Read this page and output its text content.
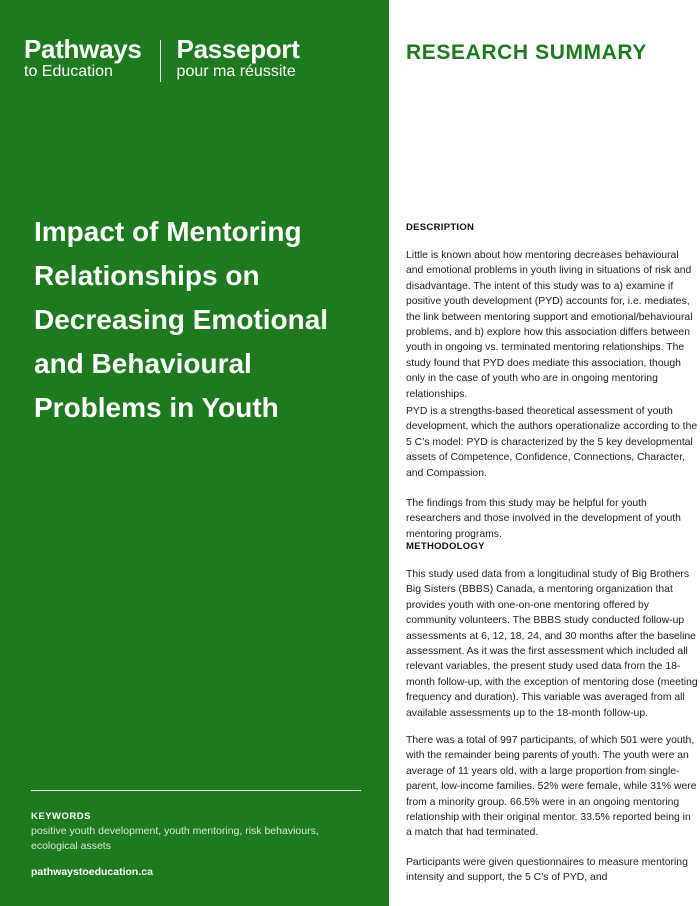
Pathways
to Education
Passeport
pour ma réussite
Impact of Mentoring Relationships on Decreasing Emotional and Behavioural Problems in Youth
KEYWORDS
positive youth development, youth mentoring, risk behaviours, ecological assets
pathwaystoeducation.ca
RESEARCH SUMMARY
DESCRIPTION

Little is known about how mentoring decreases behavioural and emotional problems in youth living in situations of risk and disadvantage. The intent of this study was to a) examine if positive youth development (PYD) accounts for, i.e. mediates, the link between mentoring support and emotional/behavioural problems, and b) explore how this association differs between youth in ongoing vs. terminated mentoring relationships. The study found that PYD does mediate this association, though only in the case of youth who are in ongoing mentoring relationships.

PYD is a strengths-based theoretical assessment of youth development, which the authors operationalize according to the 5 C’s model: PYD is characterized by the 5 key developmental assets of Competence, Confidence, Connections, Character, and Compassion.

The findings from this study may be helpful for youth researchers and those involved in the development of youth mentoring programs.

METHODOLOGY

This study used data from a longitudinal study of Big Brothers Big Sisters (BBBS) Canada, a mentoring organization that provides youth with one-on-one mentoring offered by community volunteers. The BBBS study conducted follow-up assessments at 6, 12, 18, 24, and 30 months after the baseline assessment. As it was the first assessment which included all relevant variables, the present study used data from the 18-month follow-up, with the exception of mentoring dose (meeting frequency and duration). This variable was averaged from all available assessments up to the 18-month follow-up.

There was a total of 997 participants, of which 501 were youth, with the remainder being parents of youth. The youth were an average of 11 years old, with a large proportion from single-parent, low-income families. 52% were female, while 31% were from a minority group. 66.5% were in an ongoing mentoring relationship with their original mentor. 33.5% reported being in a match that had terminated.

Participants were given questionnaires to measure mentoring intensity and support, the 5 C’s of PYD, and
